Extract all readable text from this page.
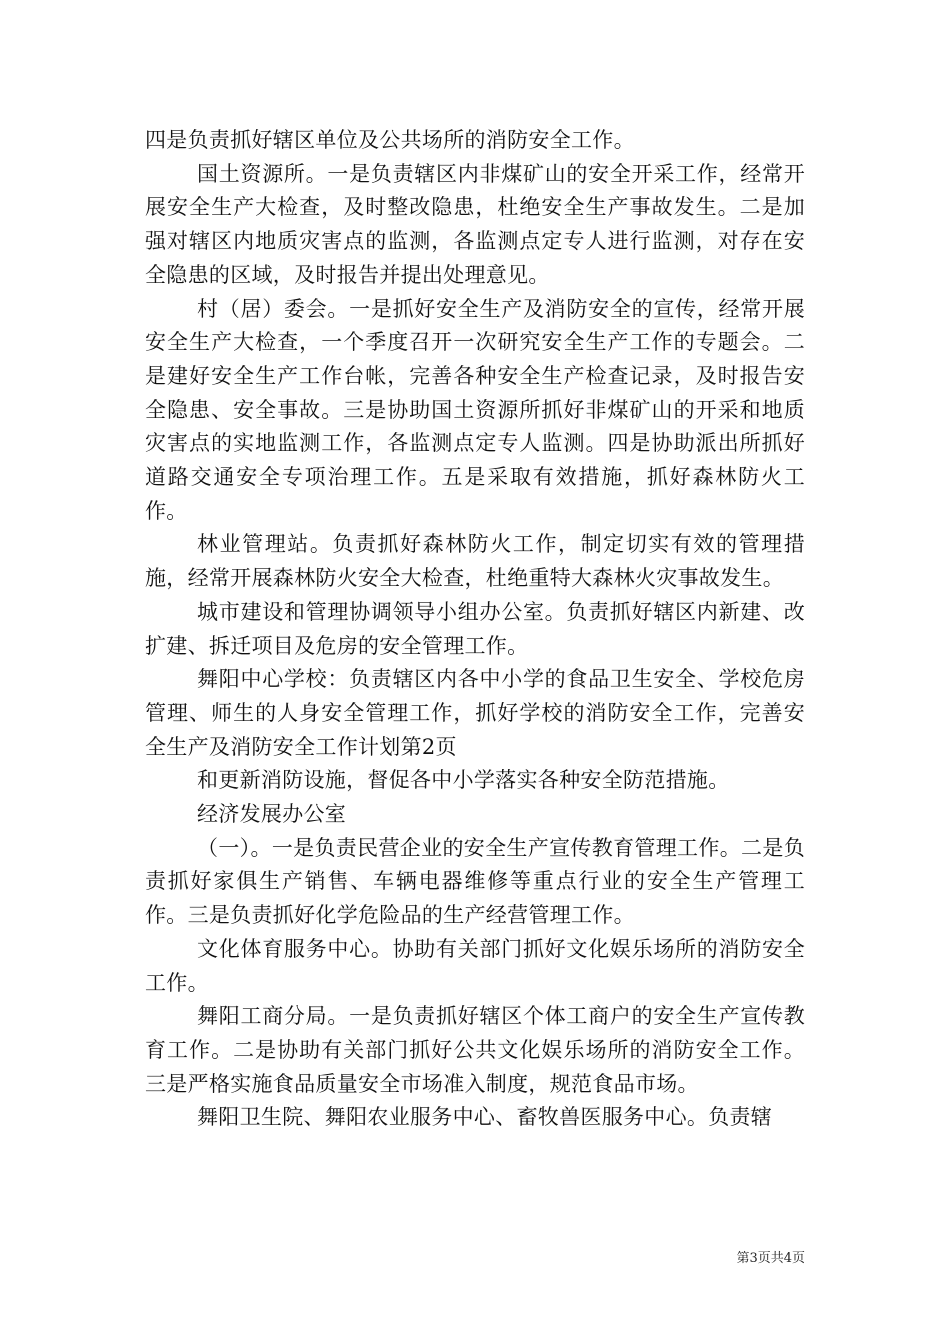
四是负责抓好辖区单位及公共场所的消防安全工作。

国土资源所。一是负责辖区内非煤矿山的安全开采工作，经常开展安全生产大检查，及时整改隐患，杜绝安全生产事故发生。二是加强对辖区内地质灾害点的监测，各监测点定专人进行监测，对存在安全隐患的区域，及时报告并提出处理意见。

村（居）委会。一是抓好安全生产及消防安全的宣传，经常开展安全生产大检查，一个季度召开一次研究安全生产工作的专题会。二是建好安全生产工作台帐，完善各种安全生产检查记录，及时报告安全隐患、安全事故。三是协助国土资源所抓好非煤矿山的开采和地质灾害点的实地监测工作，各监测点定专人监测。四是协助派出所抓好道路交通安全专项治理工作。五是采取有效措施，抓好森林防火工作。

林业管理站。负责抓好森林防火工作，制定切实有效的管理措施，经常开展森林防火安全大检查，杜绝重特大森林火灾事故发生。

城市建设和管理协调领导小组办公室。负责抓好辖区内新建、改扩建、拆迁项目及危房的安全管理工作。

舞阳中心学校：负责辖区内各中小学的食品卫生安全、学校危房管理、师生的人身安全管理工作，抓好学校的消防安全工作，完善安全生产及消防安全工作计划第2页

和更新消防设施，督促各中小学落实各种安全防范措施。

经济发展办公室

（一）。一是负责民营企业的安全生产宣传教育管理工作。二是负责抓好家俱生产销售、车辆电器维修等重点行业的安全生产管理工作。三是负责抓好化学危险品的生产经营管理工作。

文化体育服务中心。协助有关部门抓好文化娱乐场所的消防安全工作。

舞阳工商分局。一是负责抓好辖区个体工商户的安全生产宣传教育工作。二是协助有关部门抓好公共文化娱乐场所的消防安全工作。三是严格实施食品质量安全市场准入制度，规范食品市场。

舞阳卫生院、舞阳农业服务中心、畜牧兽医服务中心。负责辖

第3页共4页
